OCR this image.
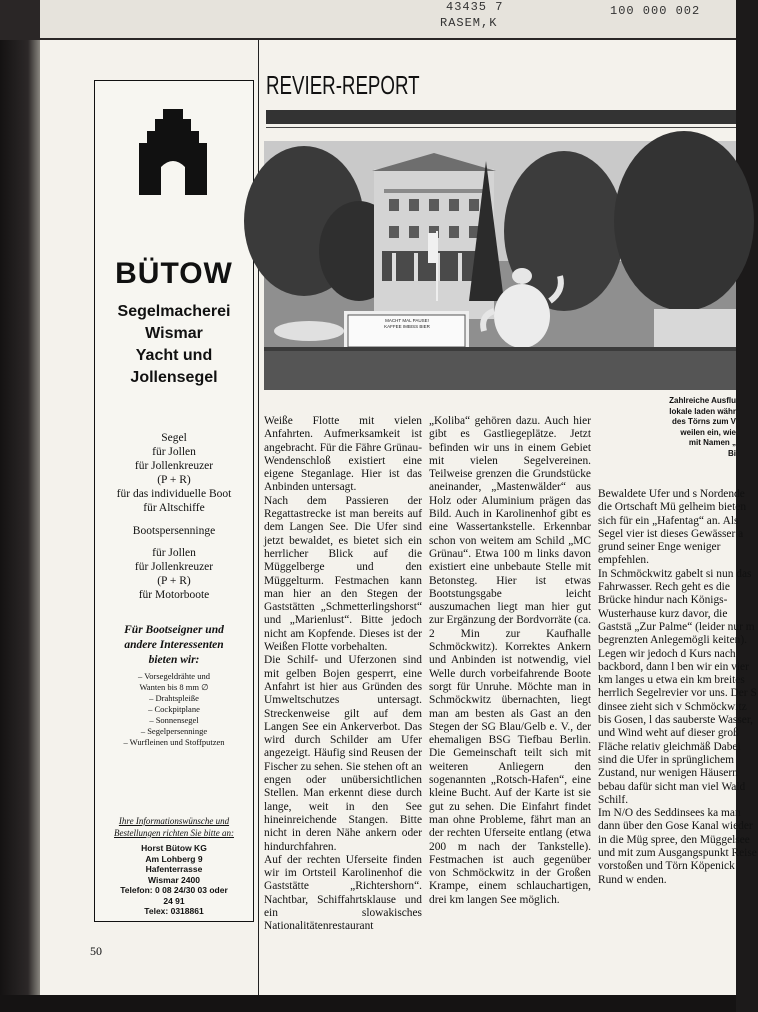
43435 7
RASEM,K
100 000 002
BÜTOW
Segelmacherei
Wismar
Yacht und
Jollensegel
Segel
für Jollen
für Jollenkreuzer
(P + R)
für das individuelle Boot
für Altschiffe
Bootspersenninge
für Jollen
für Jollenkreuzer
(P + R)
für Motorboote
Für Bootseigner und
andere Interessenten
bieten wir:
– Vorsegeldrähte und
Wanten bis 8 mm ∅
– Drahtspleiße
– Cockpitplane
– Sonnensegel
– Segelpersenninge
– Wurfleinen und Stoffputzen
Ihre Informationswünsche und
Bestellungen richten Sie bitte an:
Horst Bütow KG
Am Lohberg 9
Hafenterrasse
Wismar 2400
Telefon: 0 08 24/30 03 oder
24 91
Telex: 0318861
50
REVIER-REPORT
MACHT MAL PAUSE!
KAFFEE IMBISS BIER
Zahlreiche Ausflu
lokale laden währ
des Törns zum V
weilen ein, wie
mit Namen „
Bi

Weiße Flotte mit vielen Anfahrten. Aufmerksamkeit ist angebracht. Für die Fähre Grünau-Wendenschloß existiert eine eigene Steganlage. Hier ist das Anbinden untersagt.

Nach dem Passieren der Regattastrecke ist man bereits auf dem Langen See. Die Ufer sind jetzt bewaldet, es bietet sich ein herrlicher Blick auf die Müggelberge und den Müggelturm. Festmachen kann man hier an den Stegen der Gaststätten „Schmetterlingshorst“ und „Marienlust“. Bitte jedoch nicht am Kopfende. Dieses ist der Weißen Flotte vorbehalten.

Die Schilf- und Uferzonen sind mit gelben Bojen gesperrt, eine Anfahrt ist hier aus Gründen des Umweltschutzes untersagt. Streckenweise gilt auf dem Langen See ein Ankerverbot. Das wird durch Schilder am Ufer angezeigt. Häufig sind Reusen der Fischer zu sehen. Sie stehen oft an engen oder unübersichtlichen Stellen. Man erkennt diese durch lange, weit in den See hineinreichende Stangen. Bitte nicht in deren Nähe ankern oder hindurchfahren.

Auf der rechten Uferseite finden wir im Ortsteil Karolinenhof die Gaststätte „Richtershorn“. Nachtbar, Schiffahrtsklause und ein slowakisches Nationalitätenrestaurant

„Koliba“ gehören dazu. Auch hier gibt es Gastliegeplätze. Jetzt befinden wir uns in einem Gebiet mit vielen Segelvereinen. Teilweise grenzen die Grundstücke aneinander, „Mastenwälder“ aus Holz oder Aluminium prägen das Bild. Auch in Karolinenhof gibt es eine Wassertankstelle. Erkennbar schon von weitem am Schild „MC Grünau“. Etwa 100 m links davon existiert eine unbebaute Stelle mit Betonsteg. Hier ist etwas Bootstungsgabe leicht auszumachen liegt man hier gut zur Ergänzung der Bordvorräte (ca. 2 Min zur Kaufhalle Schmöckwitz). Korrektes Ankern und Anbinden ist notwendig, viel Welle durch vorbeifahrende Boote sorgt für Unruhe. Möchte man in Schmöckwitz übernachten, liegt man am besten als Gast an den Stegen der SG Blau/Gelb e. V., der ehemaligen BSG Tiefbau Berlin. Die Gemeinschaft teilt sich mit weiteren Anliegern den sogenannten „Rotsch-Hafen“, eine kleine Bucht. Auf der Karte ist sie gut zu sehen. Die Einfahrt findet man ohne Probleme, fährt man an der rechten Uferseite entlang (etwa 200 m nach der Tankstelle). Festmachen ist auch gegenüber von Schmöckwitz in der Großen Krampe, einem schlauchartigen, drei km langen See möglich.

Bewaldete Ufer und s Nordende die Ortschaft Mü gelheim bieten sich für ein „Hafentag“ an. Als Segel vier ist dieses Gewässer a grund seiner Enge weniger empfehlen.

In Schmöckwitz gabelt si nun das Fahrwasser. Rech geht es die Brücke hindur nach Königs-Wusterhause kurz davor, die Gaststä „Zur Palme“ (leider nur m begrenzten Anlegemögli keiten). Legen wir jedoch d Kurs nach backbord, dann l ben wir ein vier km langes u etwa ein km breites herrlich Segelrevier vor uns. Der S dinsee zieht sich v Schmöckwitz bis Gosen, l das sauberste Wasser, und Wind weht auf dieser groß Fläche relativ gleichmäß Dabei sind die Ufer in sprünglichem Zustand, nur wenigen Häusern bebau dafür sicht man viel Wald Schilf.

Im N/O des Seddinsees ka man dann über den Gose Kanal wieder in die Müg spree, den Müggelsee und mit zum Ausgangspunkt Reise vorstoßen und Törn Köpenick Rund w enden.
